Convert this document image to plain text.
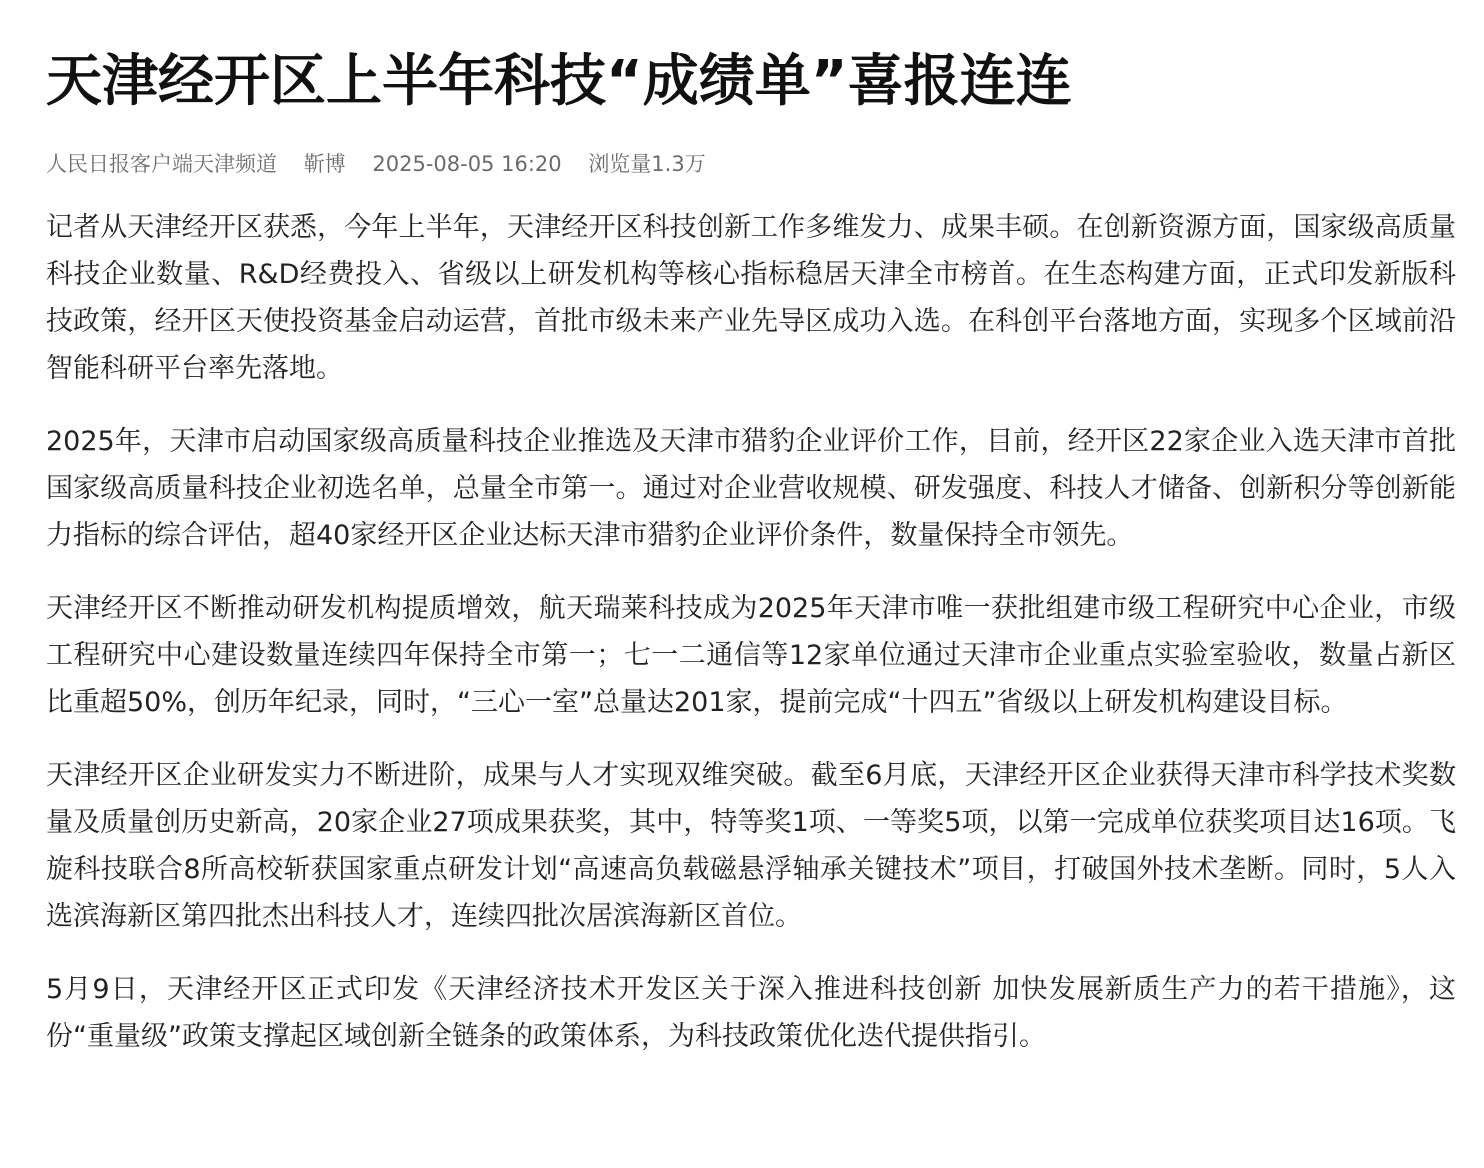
天津经开区上半年科技“成绩单”喜报连连
人民日报客户端天津频道 靳博 2025-08-05 16:20 浏览量1.3万

记者从天津经开区获悉，今年上半年，天津经开区科技创新工作多维发力、成果丰硕。在创新资源方面，国家级高质量科技企业数量、R&D经费投入、省级以上研发机构等核心指标稳居天津全市榜首。在生态构建方面，正式印发新版科技政策，经开区天使投资基金启动运营，首批市级未来产业先导区成功入选。在科创平台落地方面，实现多个区域前沿智能科研平台率先落地。

2025年，天津市启动国家级高质量科技企业推选及天津市猎豹企业评价工作，目前，经开区22家企业入选天津市首批国家级高质量科技企业初选名单，总量全市第一。通过对企业营收规模、研发强度、科技人才储备、创新积分等创新能力指标的综合评估，超40家经开区企业达标天津市猎豹企业评价条件，数量保持全市领先。

天津经开区不断推动研发机构提质增效，航天瑞莱科技成为2025年天津市唯一获批组建市级工程研究中心企业，市级工程研究中心建设数量连续四年保持全市第一；七一二通信等12家单位通过天津市企业重点实验室验收，数量占新区比重超50%，创历年纪录，同时，“三心一室”总量达201家，提前完成“十四五”省级以上研发机构建设目标。

天津经开区企业研发实力不断进阶，成果与人才实现双维突破。截至6月底，天津经开区企业获得天津市科学技术奖数量及质量创历史新高，20家企业27项成果获奖，其中，特等奖1项、一等奖5项，以第一完成单位获奖项目达16项。飞旋科技联合8所高校斩获国家重点研发计划“高速高负载磁悬浮轴承关键技术”项目，打破国外技术垄断。同时，5人入选滨海新区第四批杰出科技人才，连续四批次居滨海新区首位。

5月9日，天津经开区正式印发《天津经济技术开发区关于深入推进科技创新 加快发展新质生产力的若干措施》，这份“重量级”政策支撑起区域创新全链条的政策体系，为科技政策优化迭代提供指引。
